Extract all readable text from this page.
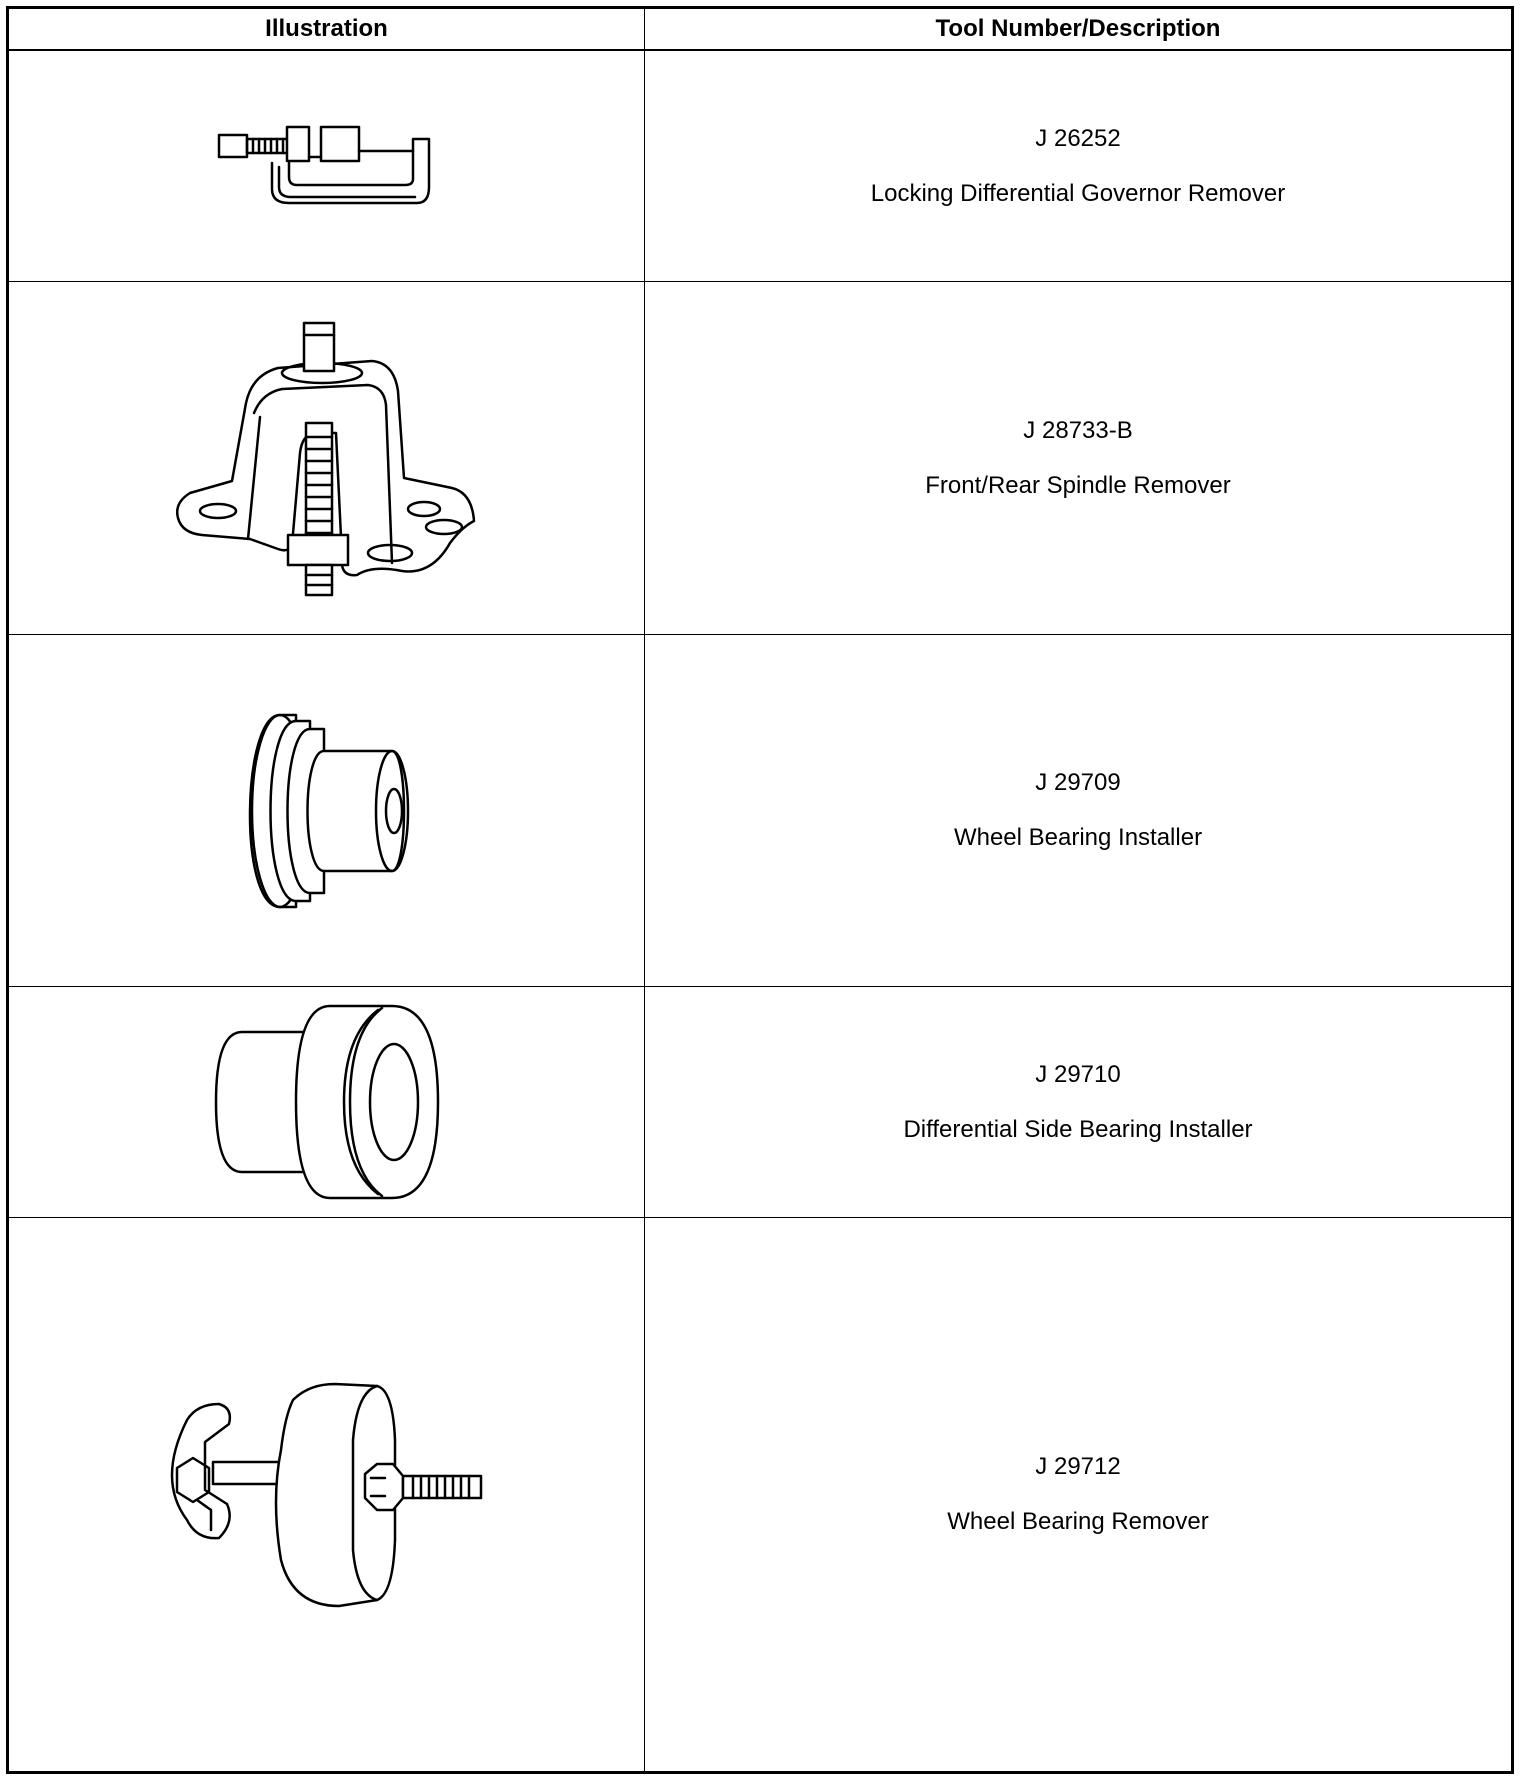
Illustration	Tool Number/Description
J 26252
Locking Differential Governor Remover
J 28733-B
Front/Rear Spindle Remover
J 29709
Wheel Bearing Installer
J 29710
Differential Side Bearing Installer
J 29712
Wheel Bearing Remover
